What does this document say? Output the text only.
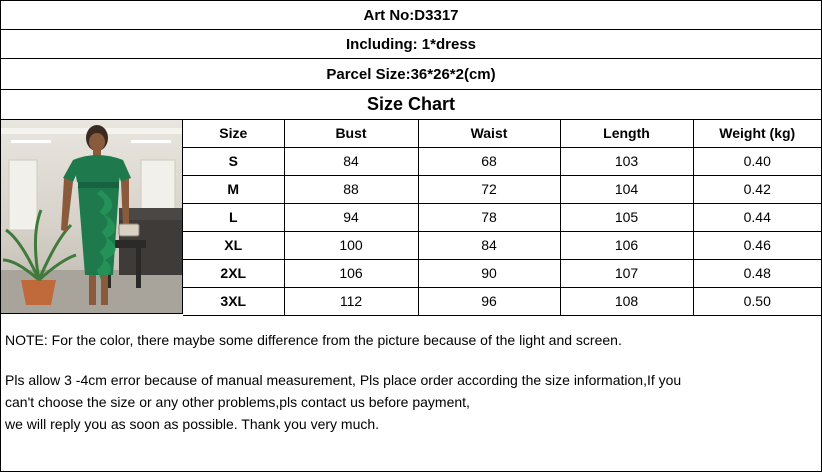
Art No:D3317
Including: 1*dress
Parcel Size:36*26*2(cm)
Size Chart
Size	Bust	Waist	Length	Weight (kg)
S	84	68	103	0.40
M	88	72	104	0.42
L	94	78	105	0.44
XL	100	84	106	0.46
2XL	106	90	107	0.48
3XL	112	96	108	0.50

NOTE: For the color, there maybe some difference from the picture because of the light and screen.

Pls allow 3 -4cm error because of manual measurement, Pls place order according the size information,If you

can't choose the size or any other problems,pls contact us before payment,

we will reply you as soon as possible. Thank you very much.
